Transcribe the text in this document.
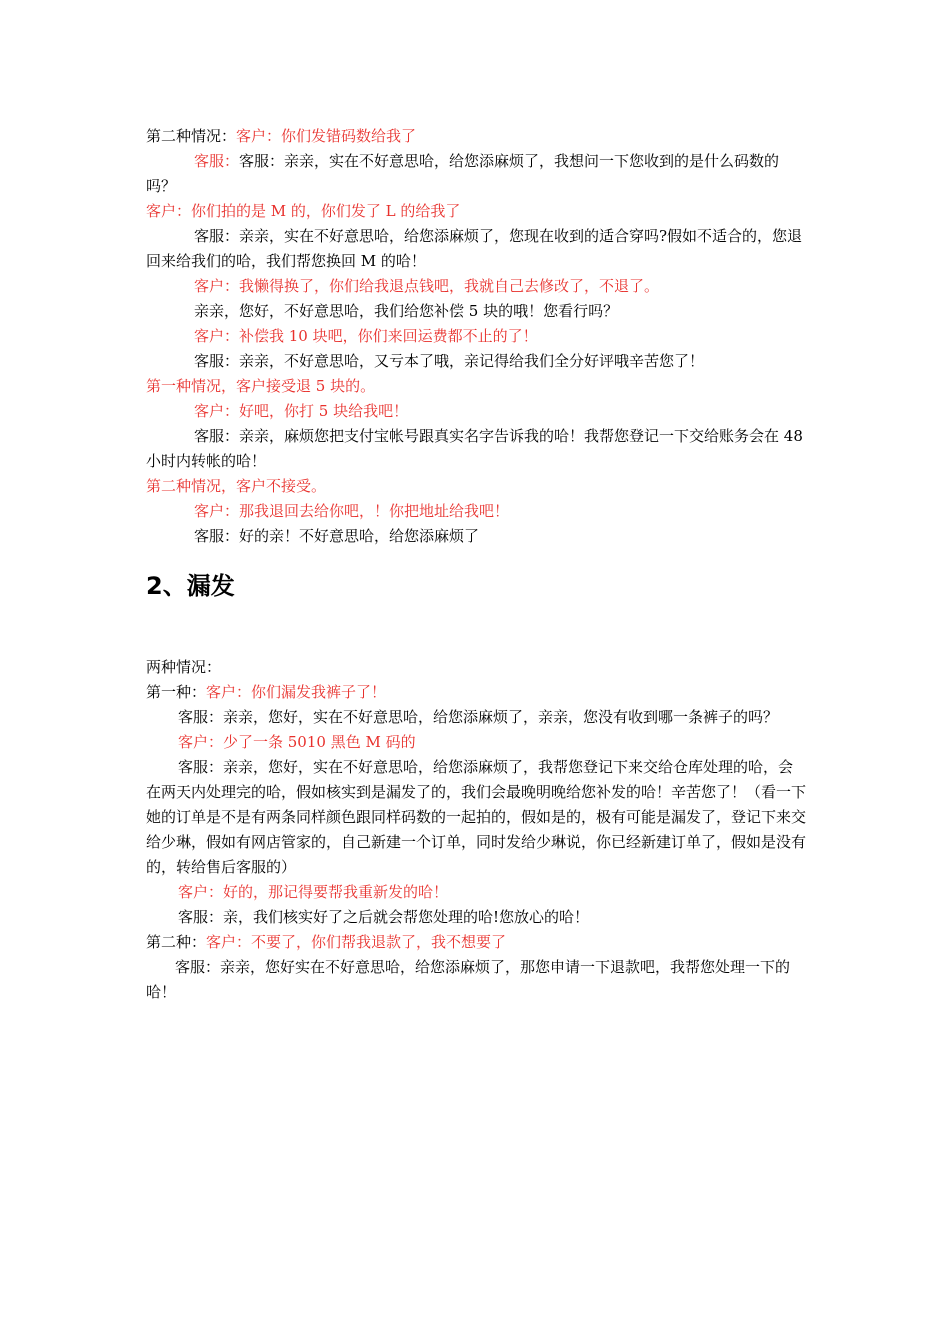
第二种情况：客户：你们发错码数给我了

客服：客服：亲亲，实在不好意思哈，给您添麻烦了，我想问一下您收到的是什么码数的吗？

客户：你们拍的是 M 的，你们发了 L 的给我了

客服：亲亲，实在不好意思哈，给您添麻烦了，您现在收到的适合穿吗?假如不适合的，您退回来给我们的哈，我们帮您换回 M 的哈！

客户：我懒得换了，你们给我退点钱吧，我就自己去修改了，不退了。

亲亲，您好，不好意思哈，我们给您补偿 5 块的哦！您看行吗？

客户：补偿我 10 块吧，你们来回运费都不止的了！

客服：亲亲，不好意思哈，又亏本了哦，亲记得给我们全分好评哦辛苦您了！

第一种情况，客户接受退 5 块的。

客户：好吧，你打 5 块给我吧！

客服：亲亲，麻烦您把支付宝帐号跟真实名字告诉我的哈！我帮您登记一下交给账务会在 48 小时内转帐的哈！

第二种情况，客户不接受。

客户：那我退回去给你吧，！你把地址给我吧！

客服：好的亲！不好意思哈，给您添麻烦了

2、漏发

两种情况：

第一种：客户：你们漏发我裤子了！

客服：亲亲，您好，实在不好意思哈，给您添麻烦了，亲亲，您没有收到哪一条裤子的吗？

客户：少了一条 5010 黑色 M 码的

客服：亲亲，您好，实在不好意思哈，给您添麻烦了，我帮您登记下来交给仓库处理的哈，会在两天内处理完的哈，假如核实到是漏发了的，我们会最晚明晚给您补发的哈！辛苦您了！（看一下她的订单是不是有两条同样颜色跟同样码数的一起拍的，假如是的，极有可能是漏发了，登记下来交给少琳，假如有网店管家的，自己新建一个订单，同时发给少琳说，你已经新建订单了，假如是没有的，转给售后客服的）

客户：好的，那记得要帮我重新发的哈！

客服：亲，我们核实好了之后就会帮您处理的哈!您放心的哈！

第二种：客户：不要了，你们帮我退款了，我不想要了

客服：亲亲，您好实在不好意思哈，给您添麻烦了，那您申请一下退款吧，我帮您处理一下的哈！
